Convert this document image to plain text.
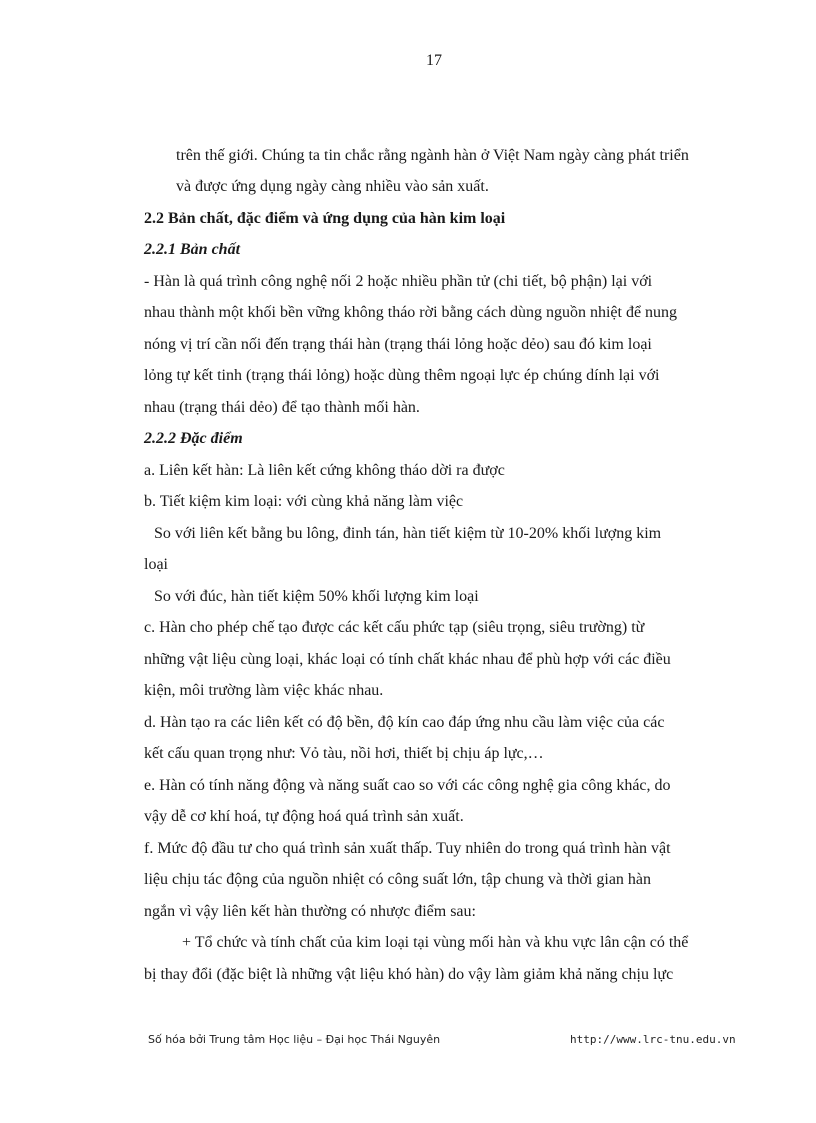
17
trên thế giới. Chúng ta tin chắc rằng ngành hàn ở Việt Nam ngày càng phát triển
và được ứng dụng ngày càng nhiều vào sản xuất.
2.2 Bản chất, đặc điểm và ứng dụng của hàn kim loại
2.2.1 Bản chất
- Hàn là quá trình công nghệ nối 2 hoặc nhiều phần tử (chi tiết, bộ phận) lại với
nhau thành một khối bền vững không tháo rời bằng cách dùng nguồn nhiệt để nung
nóng vị trí cần nối đến trạng thái hàn (trạng thái lỏng hoặc dẻo) sau đó kim loại
lỏng tự kết tinh (trạng thái lỏng) hoặc dùng thêm ngoại lực ép chúng dính lại với
nhau (trạng thái dẻo) để tạo thành mối hàn.
2.2.2 Đặc điểm
a. Liên kết hàn: Là liên kết cứng không tháo dời ra được
b. Tiết kiệm kim loại: với cùng khả năng làm việc
So với liên kết bằng bu lông, đinh tán, hàn tiết kiệm từ 10-20% khối lượng kim
loại
So với đúc, hàn tiết kiệm 50% khối lượng kim loại
c. Hàn cho phép chế tạo được các kết cấu phức tạp (siêu trọng, siêu trường) từ
những vật liệu cùng loại, khác loại có tính chất khác nhau để phù hợp với các điều
kiện, môi trường làm việc khác nhau.
d. Hàn tạo ra các liên kết có độ bền, độ kín cao đáp ứng nhu cầu làm việc của các
kết cấu quan trọng như: Vỏ tàu, nồi hơi, thiết bị chịu áp lực,…
e. Hàn có tính năng động và năng suất cao so với các công nghệ gia công khác, do
vậy dễ cơ khí hoá, tự động hoá quá trình sản xuất.
f. Mức độ đầu tư cho quá trình sản xuất thấp. Tuy nhiên do trong quá trình hàn vật
liệu chịu tác động của nguồn nhiệt có công suất lớn, tập chung và thời gian hàn
ngắn vì vậy liên kết hàn thường có nhược điểm sau:
+ Tổ chức và tính chất của kim loại tại vùng mối hàn và khu vực lân cận có thể
bị thay đổi (đặc biệt là những vật liệu khó hàn) do vậy làm giảm khả năng chịu lực
Số hóa bởi Trung tâm Học liệu – Đại học Thái Nguyên	http://www.lrc-tnu.edu.vn
